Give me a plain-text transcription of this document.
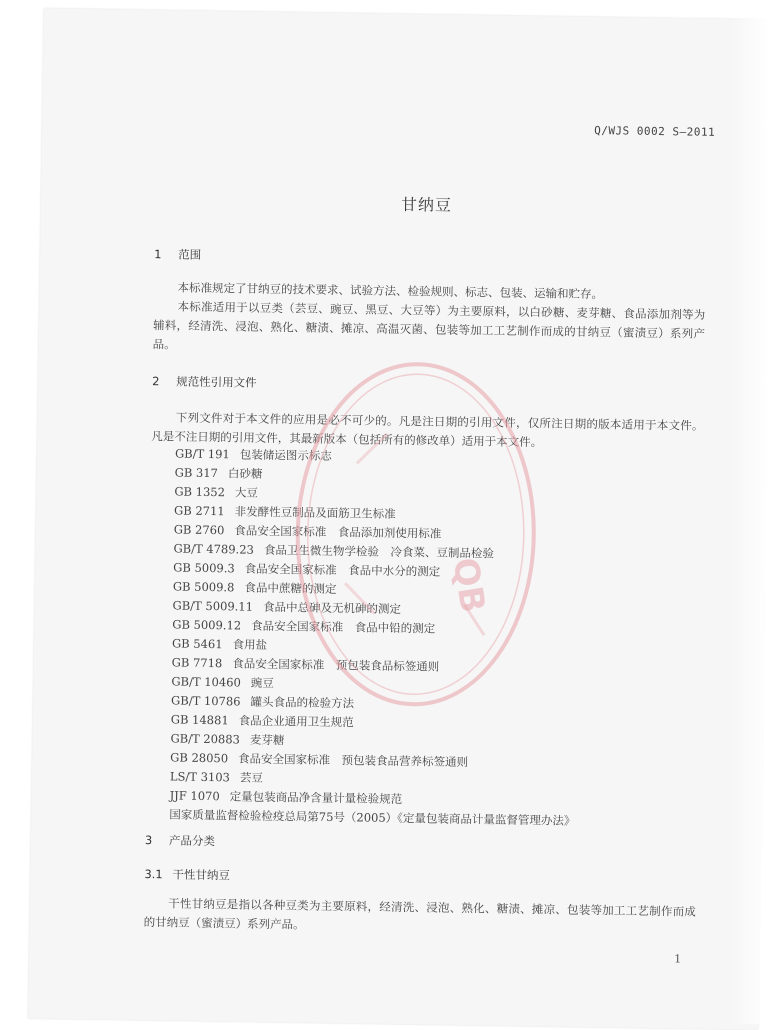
Q/WJS 0002 S—2011
甘纳豆
1 范围
本标准规定了甘纳豆的技术要求、试验方法、检验规则、标志、包装、运输和贮存。
本标准适用于以豆类（芸豆、豌豆、黑豆、大豆等）为主要原料，以白砂糖、麦芽糖、食品添加剂等为辅料，经清洗、浸泡、熟化、糖渍、摊凉、高温灭菌、包装等加工工艺制作而成的甘纳豆（蜜渍豆）系列产品。
2 规范性引用文件
下列文件对于本文件的应用是必不可少的。凡是注日期的引用文件，仅所注日期的版本适用于本文件。凡是不注日期的引用文件，其最新版本（包括所有的修改单）适用于本文件。
GB/T 191 包装储运图示标志
GB 317 白砂糖
GB 1352 大豆
GB 2711 非发酵性豆制品及面筋卫生标准
GB 2760 食品安全国家标准　食品添加剂使用标准
GB/T 4789.23 食品卫生微生物学检验　冷食菜、豆制品检验
GB 5009.3 食品安全国家标准　食品中水分的测定
GB 5009.8 食品中蔗糖的测定
GB/T 5009.11 食品中总砷及无机砷的测定
GB 5009.12 食品安全国家标准　食品中铅的测定
GB 5461 食用盐
GB 7718 食品安全国家标准　预包装食品标签通则
GB/T 10460 豌豆
GB/T 10786 罐头食品的检验方法
GB 14881 食品企业通用卫生规范
GB/T 20883 麦芽糖
GB 28050 食品安全国家标准　预包装食品营养标签通则
LS/T 3103 芸豆
JJF 1070 定量包装商品净含量计量检验规范
国家质量监督检验检疫总局第75号（2005）《定量包装商品计量监督管理办法》
3 产品分类
3.1 干性甘纳豆
干性甘纳豆是指以各种豆类为主要原料，经清洗、浸泡、熟化、糖渍、摊凉、包装等加工工艺制作而成的甘纳豆（蜜渍豆）系列产品。
1
QB
